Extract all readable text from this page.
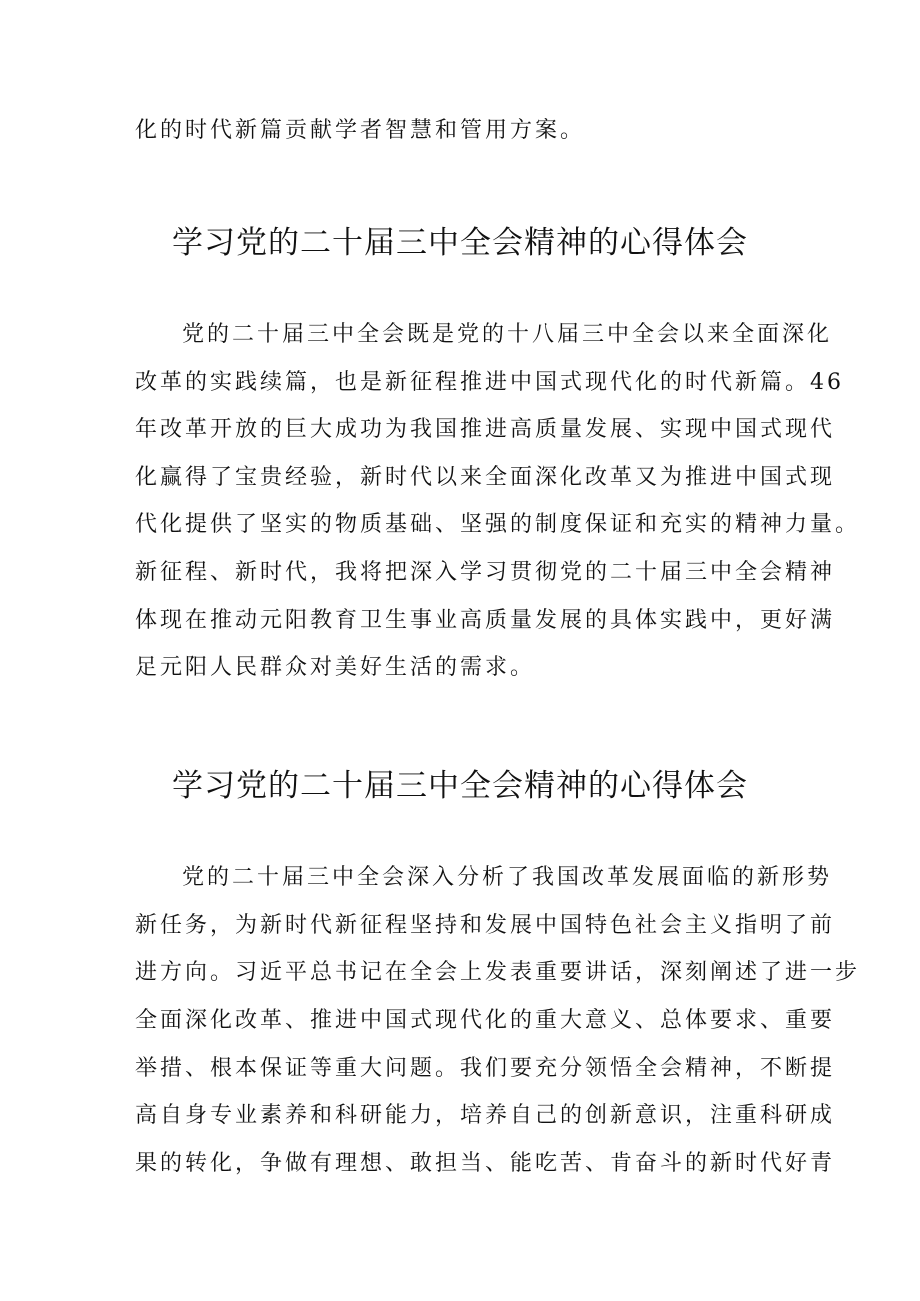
化的时代新篇贡献学者智慧和管用方案。

学习党的二十届三中全会精神的心得体会

党的二十届三中全会既是党的十八届三中全会以来全面深化

改革的实践续篇，也是新征程推进中国式现代化的时代新篇。46

年改革开放的巨大成功为我国推进高质量发展、实现中国式现代

化赢得了宝贵经验，新时代以来全面深化改革又为推进中国式现

代化提供了坚实的物质基础、坚强的制度保证和充实的精神力量。

新征程、新时代，我将把深入学习贯彻党的二十届三中全会精神

体现在推动元阳教育卫生事业高质量发展的具体实践中，更好满

足元阳人民群众对美好生活的需求。

学习党的二十届三中全会精神的心得体会

党的二十届三中全会深入分析了我国改革发展面临的新形势

新任务，为新时代新征程坚持和发展中国特色社会主义指明了前

进方向。习近平总书记在全会上发表重要讲话，深刻阐述了进一步

全面深化改革、推进中国式现代化的重大意义、总体要求、重要

举措、根本保证等重大问题。我们要充分领悟全会精神，不断提

高自身专业素养和科研能力，培养自己的创新意识，注重科研成

果的转化，争做有理想、敢担当、能吃苦、肯奋斗的新时代好青
